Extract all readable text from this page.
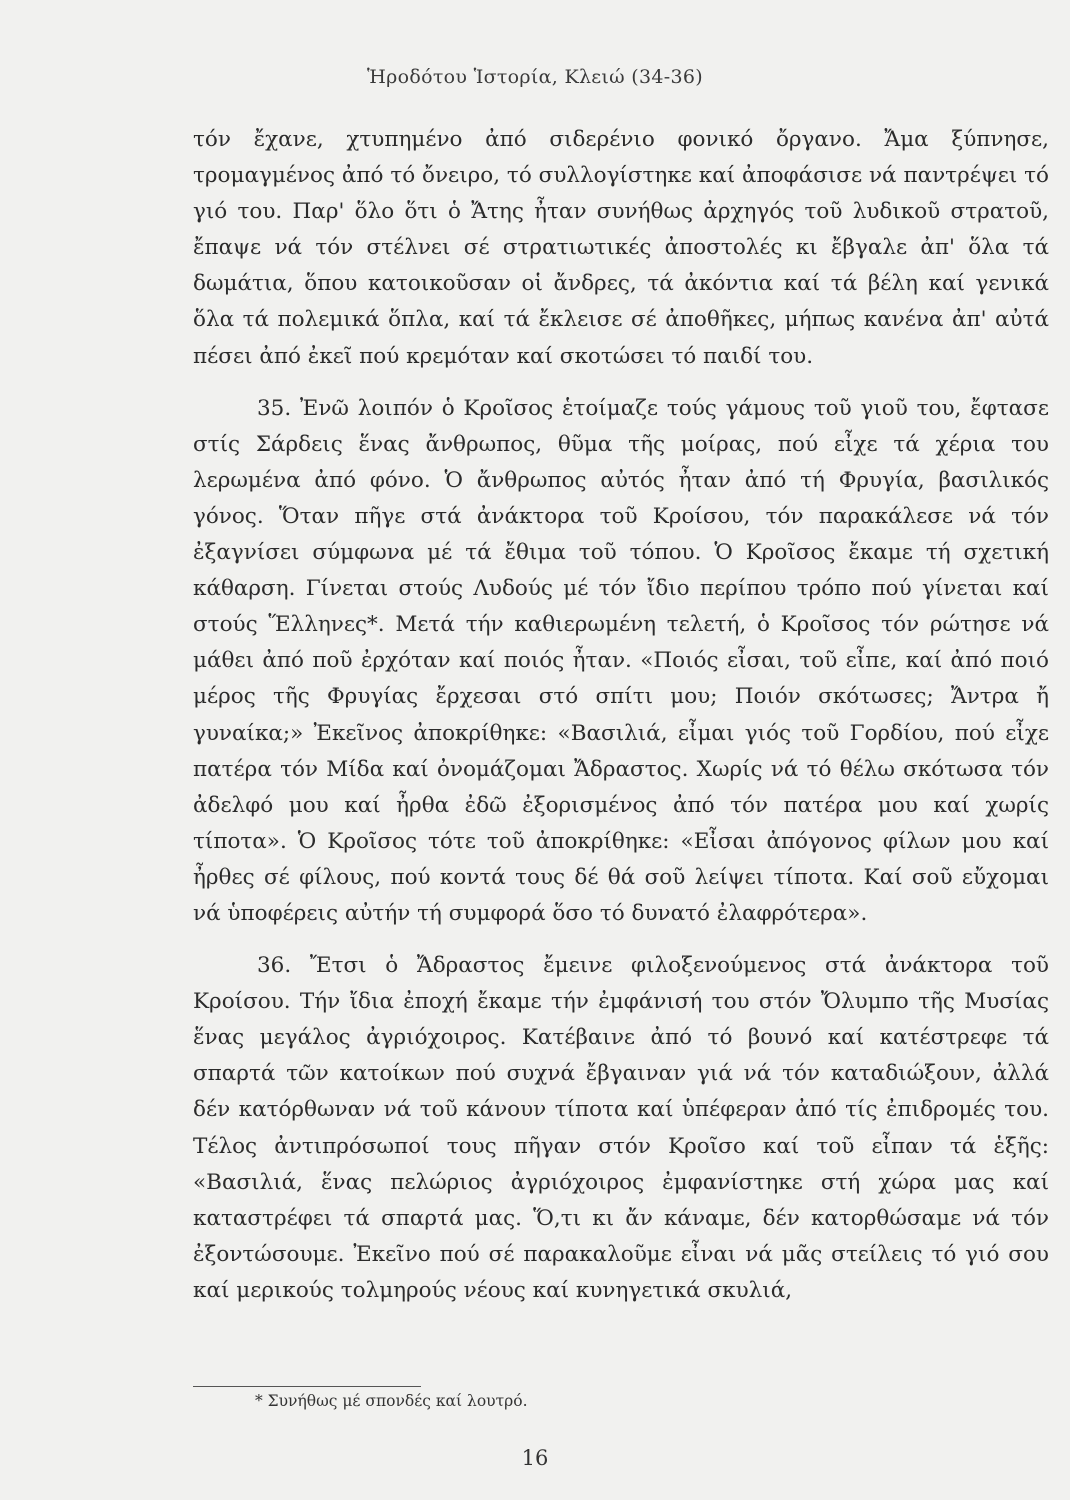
Ἡροδότου Ἱστορία, Κλειώ (34-36)

τόν ἔχανε, χτυπημένο ἀπό σιδερένιο φονικό ὄργανο. Ἄμα ξύπνησε, τρομαγμένος ἀπό τό ὄνειρο, τό συλλογίστηκε καί ἀποφάσισε νά παντρέψει τό γιό του. Παρ' ὅλο ὅτι ὁ Ἄτης ἦταν συνήθως ἀρχηγός τοῦ λυδικοῦ στρατοῦ, ἔπαψε νά τόν στέλνει σέ στρατιωτικές ἀποστολές κι ἔβγαλε ἀπ' ὅλα τά δωμάτια, ὅπου κατοικοῦσαν οἱ ἄνδρες, τά ἀκόντια καί τά βέλη καί γενικά ὅλα τά πολεμικά ὅπλα, καί τά ἔκλεισε σέ ἀποθῆκες, μήπως κανένα ἀπ' αὐτά πέσει ἀπό ἐκεῖ πού κρεμόταν καί σκοτώσει τό παιδί του.

35. Ἐνῶ λοιπόν ὁ Κροῖσος ἑτοίμαζε τούς γάμους τοῦ γιοῦ του, ἔφτασε στίς Σάρδεις ἕνας ἄνθρωπος, θῦμα τῆς μοίρας, πού εἶχε τά χέρια του λερωμένα ἀπό φόνο. Ὁ ἄνθρωπος αὐτός ἦταν ἀπό τή Φρυγία, βασιλικός γόνος. Ὅταν πῆγε στά ἀνάκτορα τοῦ Κροίσου, τόν παρακάλεσε νά τόν ἐξαγνίσει σύμφωνα μέ τά ἔθιμα τοῦ τόπου. Ὁ Κροῖσος ἔκαμε τή σχετική κάθαρση. Γίνεται στούς Λυδούς μέ τόν ἴδιο περίπου τρόπο πού γίνεται καί στούς Ἕλληνες*. Μετά τήν καθιερωμένη τελετή, ὁ Κροῖσος τόν ρώτησε νά μάθει ἀπό ποῦ ἐρχόταν καί ποιός ἦταν. «Ποιός εἶσαι, τοῦ εἶπε, καί ἀπό ποιό μέρος τῆς Φρυγίας ἔρχεσαι στό σπίτι μου; Ποιόν σκότωσες; Ἄντρα ἤ γυναίκα;» Ἐκεῖνος ἀποκρίθηκε: «Βασιλιά, εἶμαι γιός τοῦ Γορδίου, πού εἶχε πατέρα τόν Μίδα καί ὀνομάζομαι Ἄδραστος. Χωρίς νά τό θέλω σκότωσα τόν ἀδελφό μου καί ἦρθα ἐδῶ ἐξορισμένος ἀπό τόν πατέρα μου καί χωρίς τίποτα». Ὁ Κροῖσος τότε τοῦ ἀποκρίθηκε: «Εἶσαι ἀπόγονος φίλων μου καί ἦρθες σέ φίλους, πού κοντά τους δέ θά σοῦ λείψει τίποτα. Καί σοῦ εὔχομαι νά ὑποφέρεις αὐτήν τή συμφορά ὅσο τό δυνατό ἐλαφρότερα».

36. Ἔτσι ὁ Ἄδραστος ἔμεινε φιλοξενούμενος στά ἀνάκτορα τοῦ Κροίσου. Τήν ἴδια ἐποχή ἔκαμε τήν ἐμφάνισή του στόν Ὄλυμπο τῆς Μυσίας ἕνας μεγάλος ἀγριόχοιρος. Κατέβαινε ἀπό τό βουνό καί κατέστρεφε τά σπαρτά τῶν κατοίκων πού συχνά ἔβγαιναν γιά νά τόν καταδιώξουν, ἀλλά δέν κατόρθωναν νά τοῦ κάνουν τίποτα καί ὑπέφεραν ἀπό τίς ἐπιδρομές του. Τέλος ἀντιπρόσωποί τους πῆγαν στόν Κροῖσο καί τοῦ εἶπαν τά ἑξῆς: «Βασιλιά, ἕνας πελώριος ἀγριόχοιρος ἐμφανίστηκε στή χώρα μας καί καταστρέφει τά σπαρτά μας. Ὅ,τι κι ἄν κάναμε, δέν κατορθώσαμε νά τόν ἐξοντώσουμε. Ἐκεῖνο πού σέ παρακαλοῦμε εἶναι νά μᾶς στείλεις τό γιό σου καί μερικούς τολμηρούς νέους καί κυνηγετικά σκυλιά,

* Συνήθως μέ σπονδές καί λουτρό.
16
